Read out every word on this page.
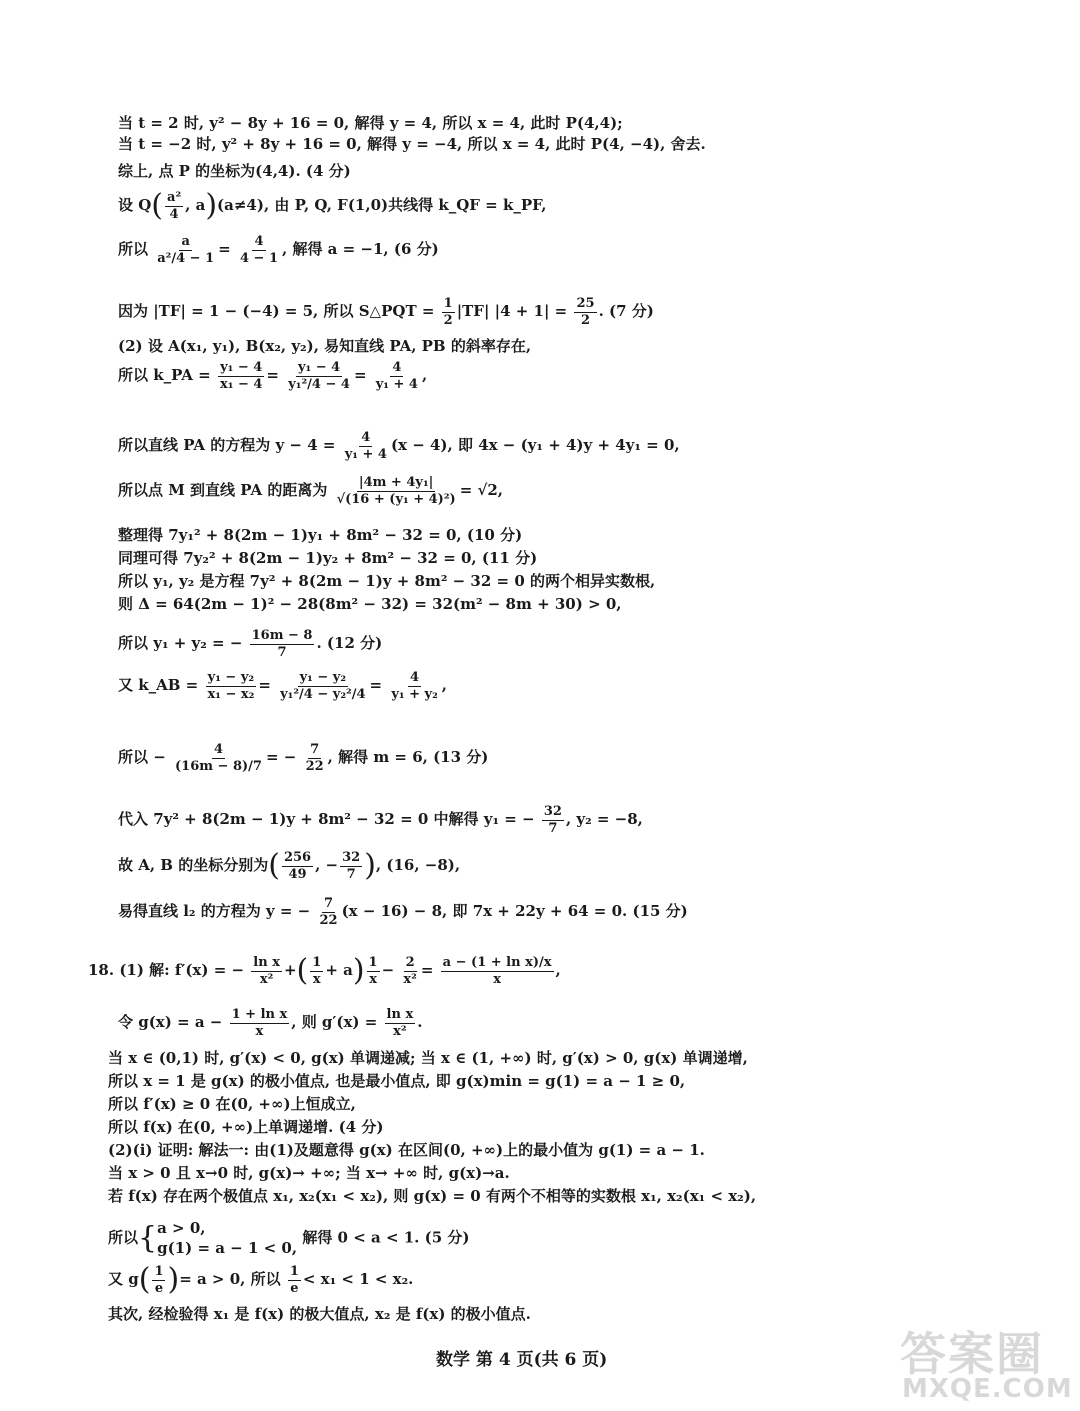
当 t = 2 时, y² − 8y + 16 = 0, 解得 y = 4, 所以 x = 4, 此时 P(4,4);
当 t = −2 时, y² + 8y + 16 = 0, 解得 y = −4, 所以 x = 4, 此时 P(4, −4), 舍去.
综上, 点 P 的坐标为(4,4). (4 分)
设 $Q( \frac{\text{a²}}{4}$ , a)(a≠4), 由 P, Q, F(1,0)共线得 k_QF = k_PF,
所以 $\frac{a}{\text{a²/4 − 1}} = \frac{4}{4 - 1}$ , 解得 a = −1, (6 分)
因为 |TF| = 1 − (−4) = 5, 所以 S△PQT = $\frac{1}{2} |TF|$ $|4 + 1| = \frac{25}{2}$ . (7 分)
(2) 设 A(x₁, y₁), B(x₂, y₂), 易知直线 PA, PB 的斜率存在,
所以 k_PA = $\frac{\text{y₁ − 4}}{\text{x₁ − 4}} = \frac{\text{y₁ − 4}}{\text{y₁²/4 − 4}} = \frac{4}{\text{y₁ + 4}}$ ,
所以直线 PA 的方程为 $y - 4 = \frac{4}{\text{y₁ + 4}} (x - 4)$, 即 4x − (y₁ + 4)y + 4y₁ = 0,
所以点 M 到直线 PA 的距离为 $\frac{\text{|4m + 4y₁|}}{\text{√(16 + (y₁ + 4)²)}} = √2$,
整理得 7y₁² + 8(2m − 1)y₁ + 8m² − 32 = 0, (10 分)
同理可得 7y₂² + 8(2m − 1)y₂ + 8m² − 32 = 0, (11 分)
所以 y₁, y₂ 是方程 7y² + 8(2m − 1)y + 8m² − 32 = 0 的两个相异实数根,
则 Δ = 64(2m − 1)² − 28(8m² − 32) = 32(m² − 8m + 30) > 0,
所以 y₁ + y₂ = − $\frac{16m - 8}{7}$ . (12 分)
又 k_AB = $\frac{\text{y₁ − y₂}}{\text{x₁ − x₂}} = \frac{\text{y₁ − y₂}}{\text{y₁²/4 − y₂²/4}} = \frac{4}{\text{y₁ + y₂}}$ ,
所以 − $\frac{4}{(16m - 8)/7}$ = − $\frac{7}{22}$ , 解得 m = 6, (13 分)
代入 7y² + 8(2m − 1)y + 8m² − 32 = 0 中解得 y₁ = − $\frac{32}{7}$ , y₂ = −8,
故 A, B 的坐标分别为( $\frac{256}{49}$ , − $\frac{32}{7}$ ), (16, −8),
易得直线 l₂ 的方程为 y = − $\frac{7}{22} (x - 16) - 8$, 即 7x + 22y + 64 = 0. (15 分)
18. (1) 解: f′(x) = − $\frac{\text{ln x}}{\text{x²}}$ +( $\frac{1}{x} + a) \frac{1}{x} - \frac{2}{\text{x²}} = \frac{\text{a − (1 + ln x)/x}}{x}$ ,
令 $g(x) = a - \frac{\text{1 + ln x}}{x}$ , 则 $g'(x) = \frac{\text{ln x}}{\text{x²}}$ .
当 x ∈ (0,1) 时, g′(x) < 0, g(x) 单调递减; 当 x ∈ (1, +∞) 时, g′(x) > 0, g(x) 单调递增,
所以 x = 1 是 g(x) 的极小值点, 也是最小值点, 即 g(x)min = g(1) = a − 1 ≥ 0,
所以 f′(x) ≥ 0 在(0, +∞)上恒成立,
所以 f(x) 在(0, +∞)上单调递增. (4 分)
(2)(i) 证明: 解法一: 由(1)及题意得 g(x) 在区间(0, +∞)上的最小值为 g(1) = a − 1.
当 x > 0 且 x→0 时, g(x)→ +∞; 当 x→ +∞ 时, g(x)→a.
若 f(x) 存在两个极值点 x₁, x₂(x₁ < x₂), 则 g(x) = 0 有两个不相等的实数根 x₁, x₂(x₁ < x₂),
所以{ a > 0,
g(1) = a − 1 < 0,
解得 0 < a < 1. (5 分)
又 $g( \frac{1}{e}$ )= a > 0, 所以 $\frac{1}{e} < x_1 < 1 < x_2$.
其次, 经检验得 x₁ 是 f(x) 的极大值点, x₂ 是 f(x) 的极小值点.
数学 第 4 页(共 6 页)	答案圈
MXQE.COM
